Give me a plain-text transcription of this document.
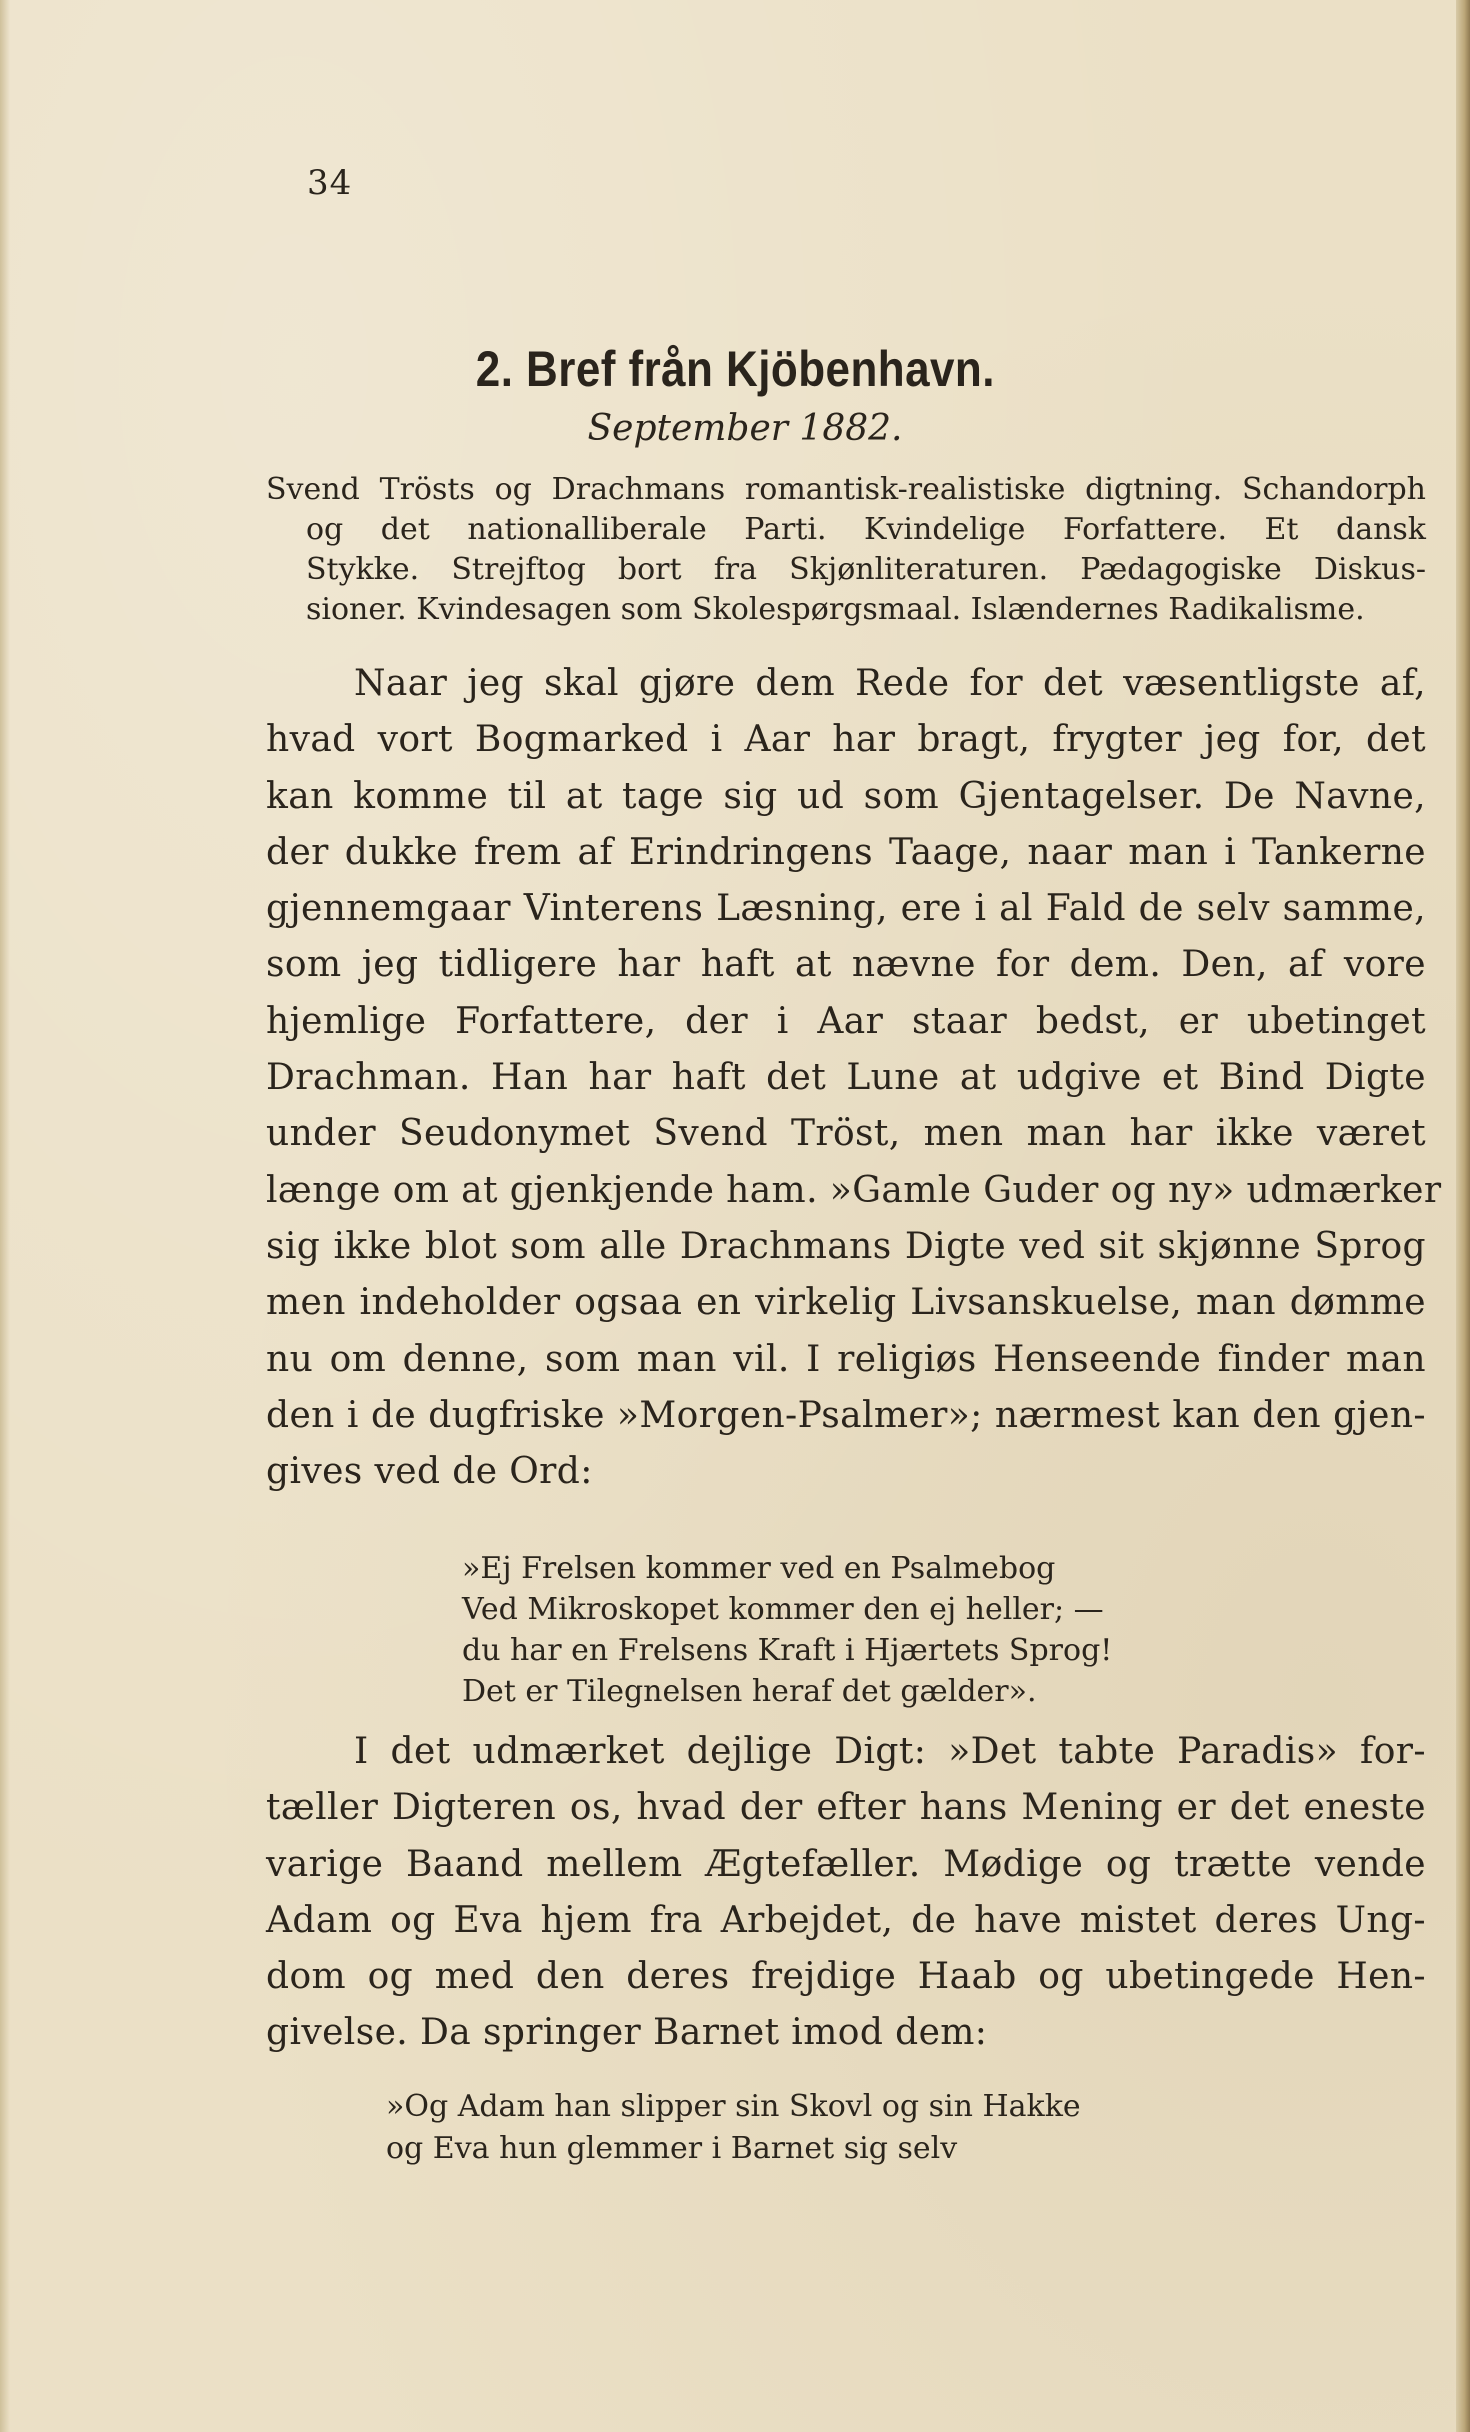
34
2. Bref från Kjöbenhavn.
September 1882.
Svend Trösts og Drachmans romantisk-realistiske digtning. Schandorph
og det nationalliberale Parti. Kvindelige Forfattere. Et dansk
Stykke. Strejftog bort fra Skjønliteraturen. Pædagogiske Diskus-
sioner. Kvindesagen som Skolespørgsmaal. Islændernes Radikalisme.
Naar jeg skal gjøre dem Rede for det væsentligste af,
hvad vort Bogmarked i Aar har bragt, frygter jeg for, det
kan komme til at tage sig ud som Gjentagelser. De Navne,
der dukke frem af Erindringens Taage, naar man i Tankerne
gjennemgaar Vinterens Læsning, ere i al Fald de selv samme,
som jeg tidligere har haft at nævne for dem. Den, af vore
hjemlige Forfattere, der i Aar staar bedst, er ubetinget
Drachman. Han har haft det Lune at udgive et Bind Digte
under Seudonymet Svend Tröst, men man har ikke været
længe om at gjenkjende ham. »Gamle Guder og ny» udmærker
sig ikke blot som alle Drachmans Digte ved sit skjønne Sprog
men indeholder ogsaa en virkelig Livsanskuelse, man dømme
nu om denne, som man vil. I religiøs Henseende finder man
den i de dugfriske »Morgen-Psalmer»; nærmest kan den gjen-
gives ved de Ord:
»Ej Frelsen kommer ved en Psalmebog
Ved Mikroskopet kommer den ej heller; —
du har en Frelsens Kraft i Hjærtets Sprog!
Det er Tilegnelsen heraf det gælder».
I det udmærket dejlige Digt: »Det tabte Paradis» for-
tæller Digteren os, hvad der efter hans Mening er det eneste
varige Baand mellem Ægtefæller. Mødige og trætte vende
Adam og Eva hjem fra Arbejdet, de have mistet deres Ung-
dom og med den deres frejdige Haab og ubetingede Hen-
givelse. Da springer Barnet imod dem:
»Og Adam han slipper sin Skovl og sin Hakke
og Eva hun glemmer i Barnet sig selv
